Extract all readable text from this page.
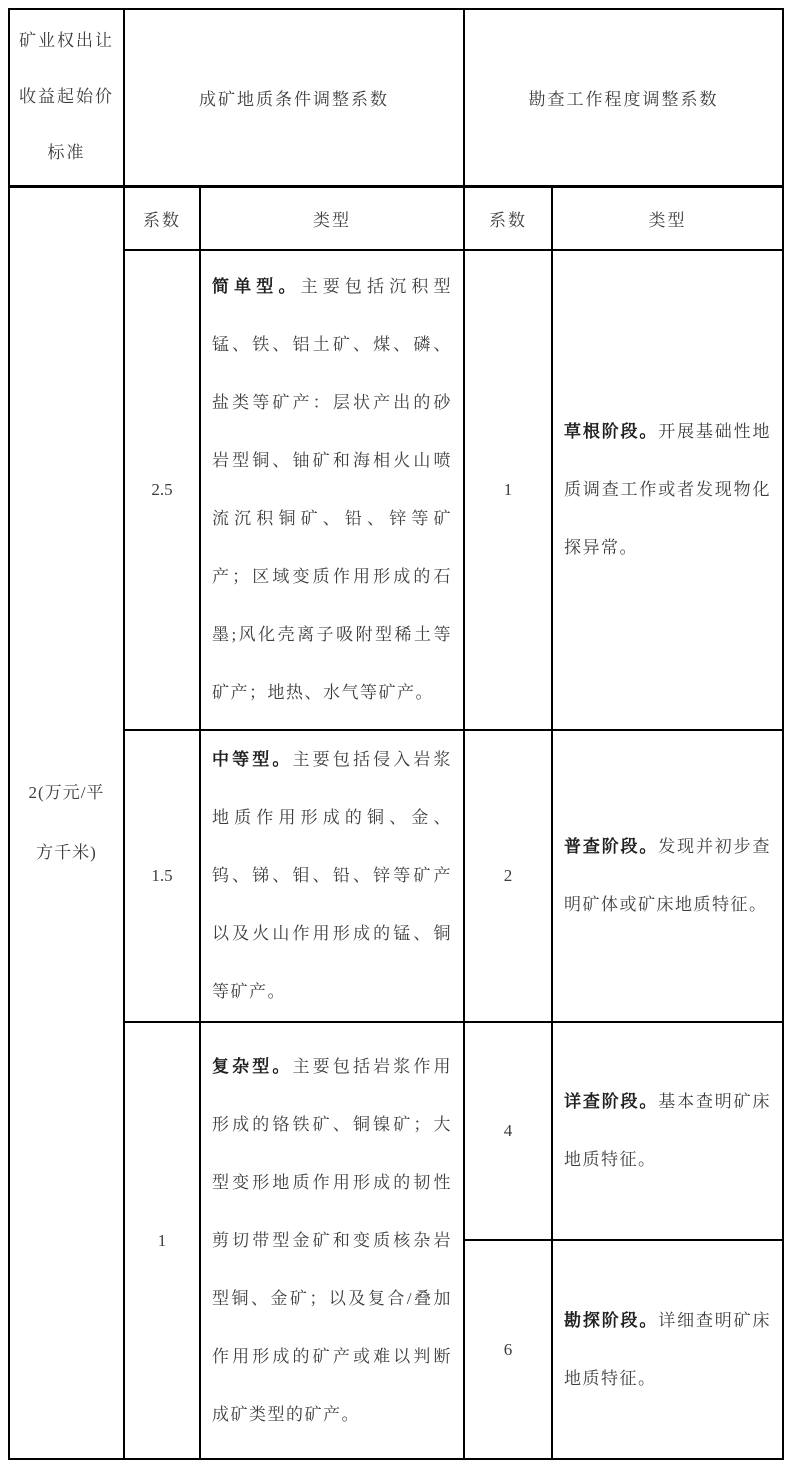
矿业权出让
收益起始价
标准	成矿地质条件调整系数		勘查工作程度调整系数	

2(万元/平
方千米)	系数	类型	系数	类型
	2.5	简单型。主要包括沉积型锰、铁、铝土矿、煤、磷、盐类等矿产：层状产出的砂岩型铜、铀矿和海相火山喷流沉积铜矿、铅、锌等矿产；区域变质作用形成的石墨;风化壳离子吸附型稀土等矿产；地热、水气等矿产。	1	草根阶段。开展基础性地质调查工作或者发现物化探异常。
	1.5	中等型。主要包括侵入岩浆地质作用形成的铜、金、钨、锑、钼、铅、锌等矿产以及火山作用形成的锰、铜等矿产。	2	普查阶段。发现并初步查明矿体或矿床地质特征。
	1	复杂型。主要包括岩浆作用形成的铬铁矿、铜镍矿；大型变形地质作用形成的韧性剪切带型金矿和变质核杂岩型铜、金矿；以及复合/叠加作用形成的矿产或难以判断成矿类型的矿产。	4	详查阶段。基本查明矿床地质特征。
			6	勘探阶段。详细查明矿床地质特征。
